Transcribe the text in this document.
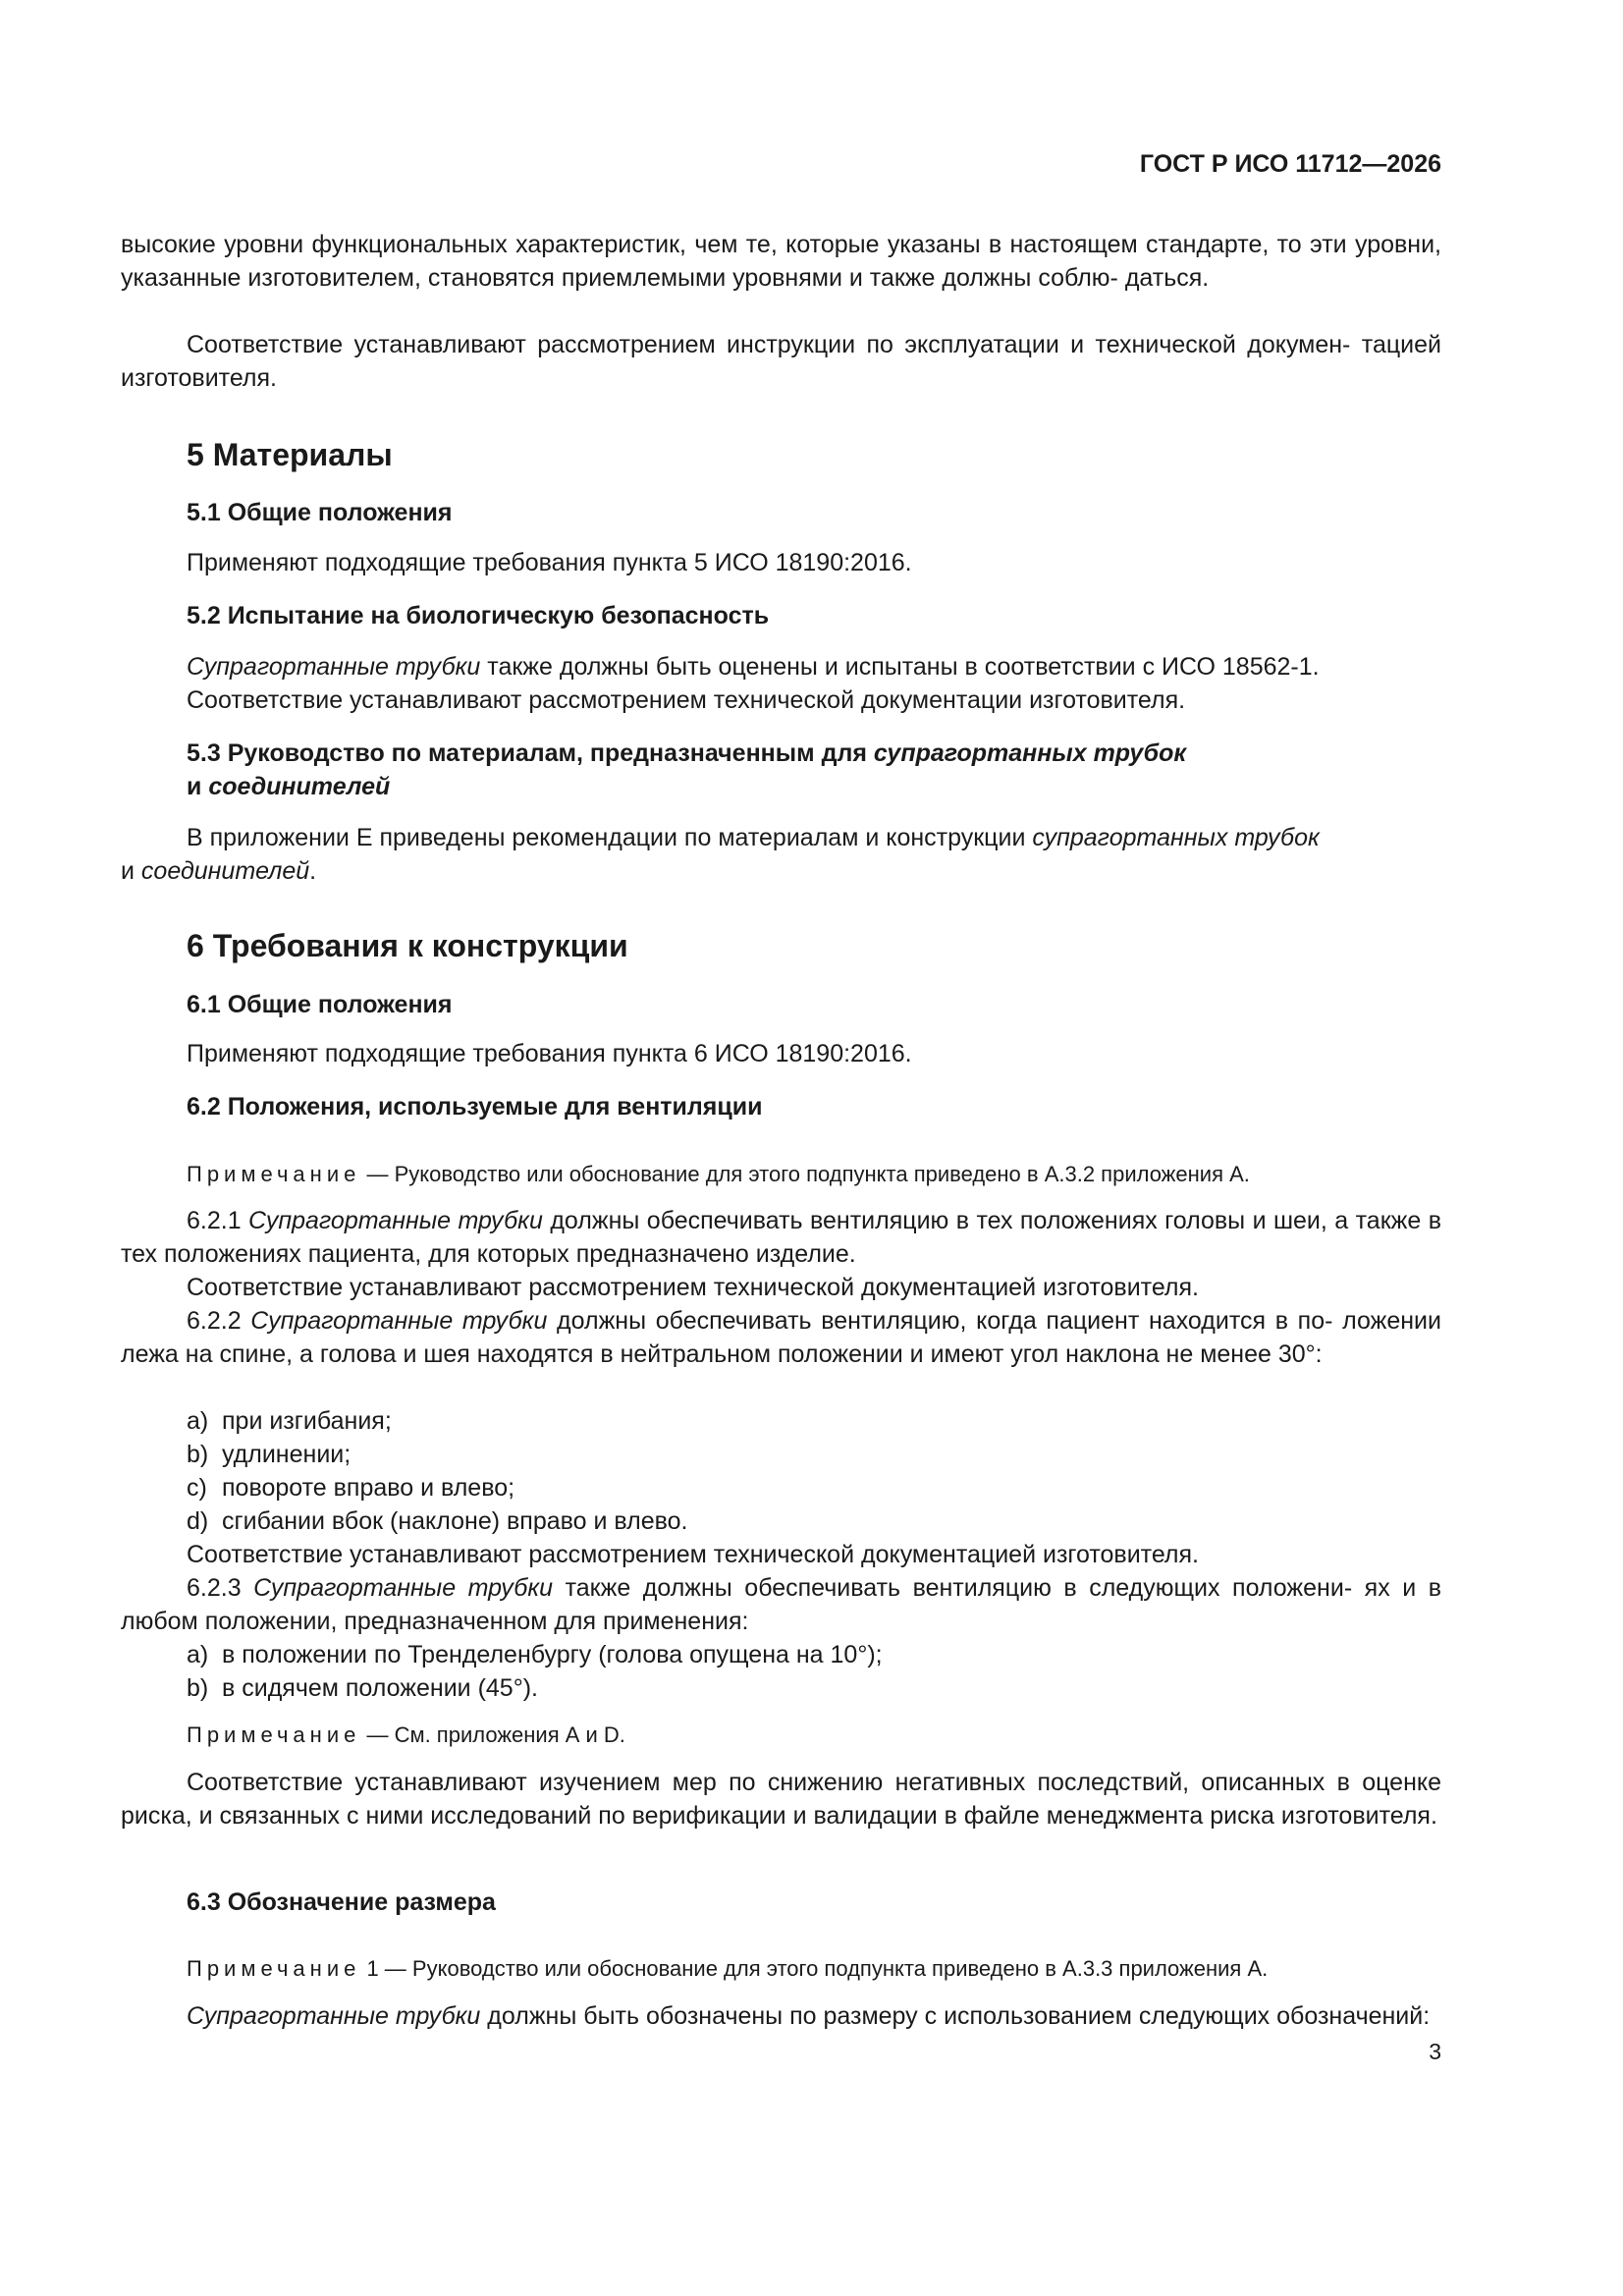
ГОСТ Р ИСО 11712—2026

высокие уровни функциональных характеристик, чем те, которые указаны в настоящем стандарте, то эти уровни, указанные изготовителем, становятся приемлемыми уровнями и также должны соблю- даться.

Соответствие устанавливают рассмотрением инструкции по эксплуатации и технической докумен- тацией изготовителя.

5 Материалы
5.1 Общие положения

Применяют подходящие требования пункта 5 ИСО 18190:2016.

5.2 Испытание на биологическую безопасность

Супрагортанные трубки также должны быть оценены и испытаны в соответствии с ИСО 18562-1.

Соответствие устанавливают рассмотрением технической документации изготовителя.

5.3 Руководство по материалам, предназначенным для супрагортанных трубок
и соединителей

В приложении Е приведены рекомендации по материалам и конструкции супрагортанных трубок

и соединителей.

6 Требования к конструкции
6.1 Общие положения

Применяют подходящие требования пункта 6 ИСО 18190:2016.

6.2 Положения, используемые для вентиляции

Примечание — Руководство или обоснование для этого подпункта приведено в А.3.2 приложения А.

6.2.1 Супрагортанные трубки должны обеспечивать вентиляцию в тех положениях головы и шеи, а также в тех положениях пациента, для которых предназначено изделие.

Соответствие устанавливают рассмотрением технической документацией изготовителя.

6.2.2 Супрагортанные трубки должны обеспечивать вентиляцию, когда пациент находится в по- ложении лежа на спине, а голова и шея находятся в нейтральном положении и имеют угол наклона не менее 30°:

a) при изгибания;

b) удлинении;

c) повороте вправо и влево;

d) сгибании вбок (наклоне) вправо и влево.

Соответствие устанавливают рассмотрением технической документацией изготовителя.

6.2.3 Супрагортанные трубки также должны обеспечивать вентиляцию в следующих положени- ях и в любом положении, предназначенном для применения:

a) в положении по Тренделенбургу (голова опущена на 10°);

b) в сидячем положении (45°).

Примечание — См. приложения А и D.

Соответствие устанавливают изучением мер по снижению негативных последствий, описанных в оценке риска, и связанных с ними исследований по верификации и валидации в файле менеджмента риска изготовителя.

6.3 Обозначение размера

Примечание 1 — Руководство или обоснование для этого подпункта приведено в А.3.3 приложения А.

Супрагортанные трубки должны быть обозначены по размеру с использованием следующих обозначений:

3
